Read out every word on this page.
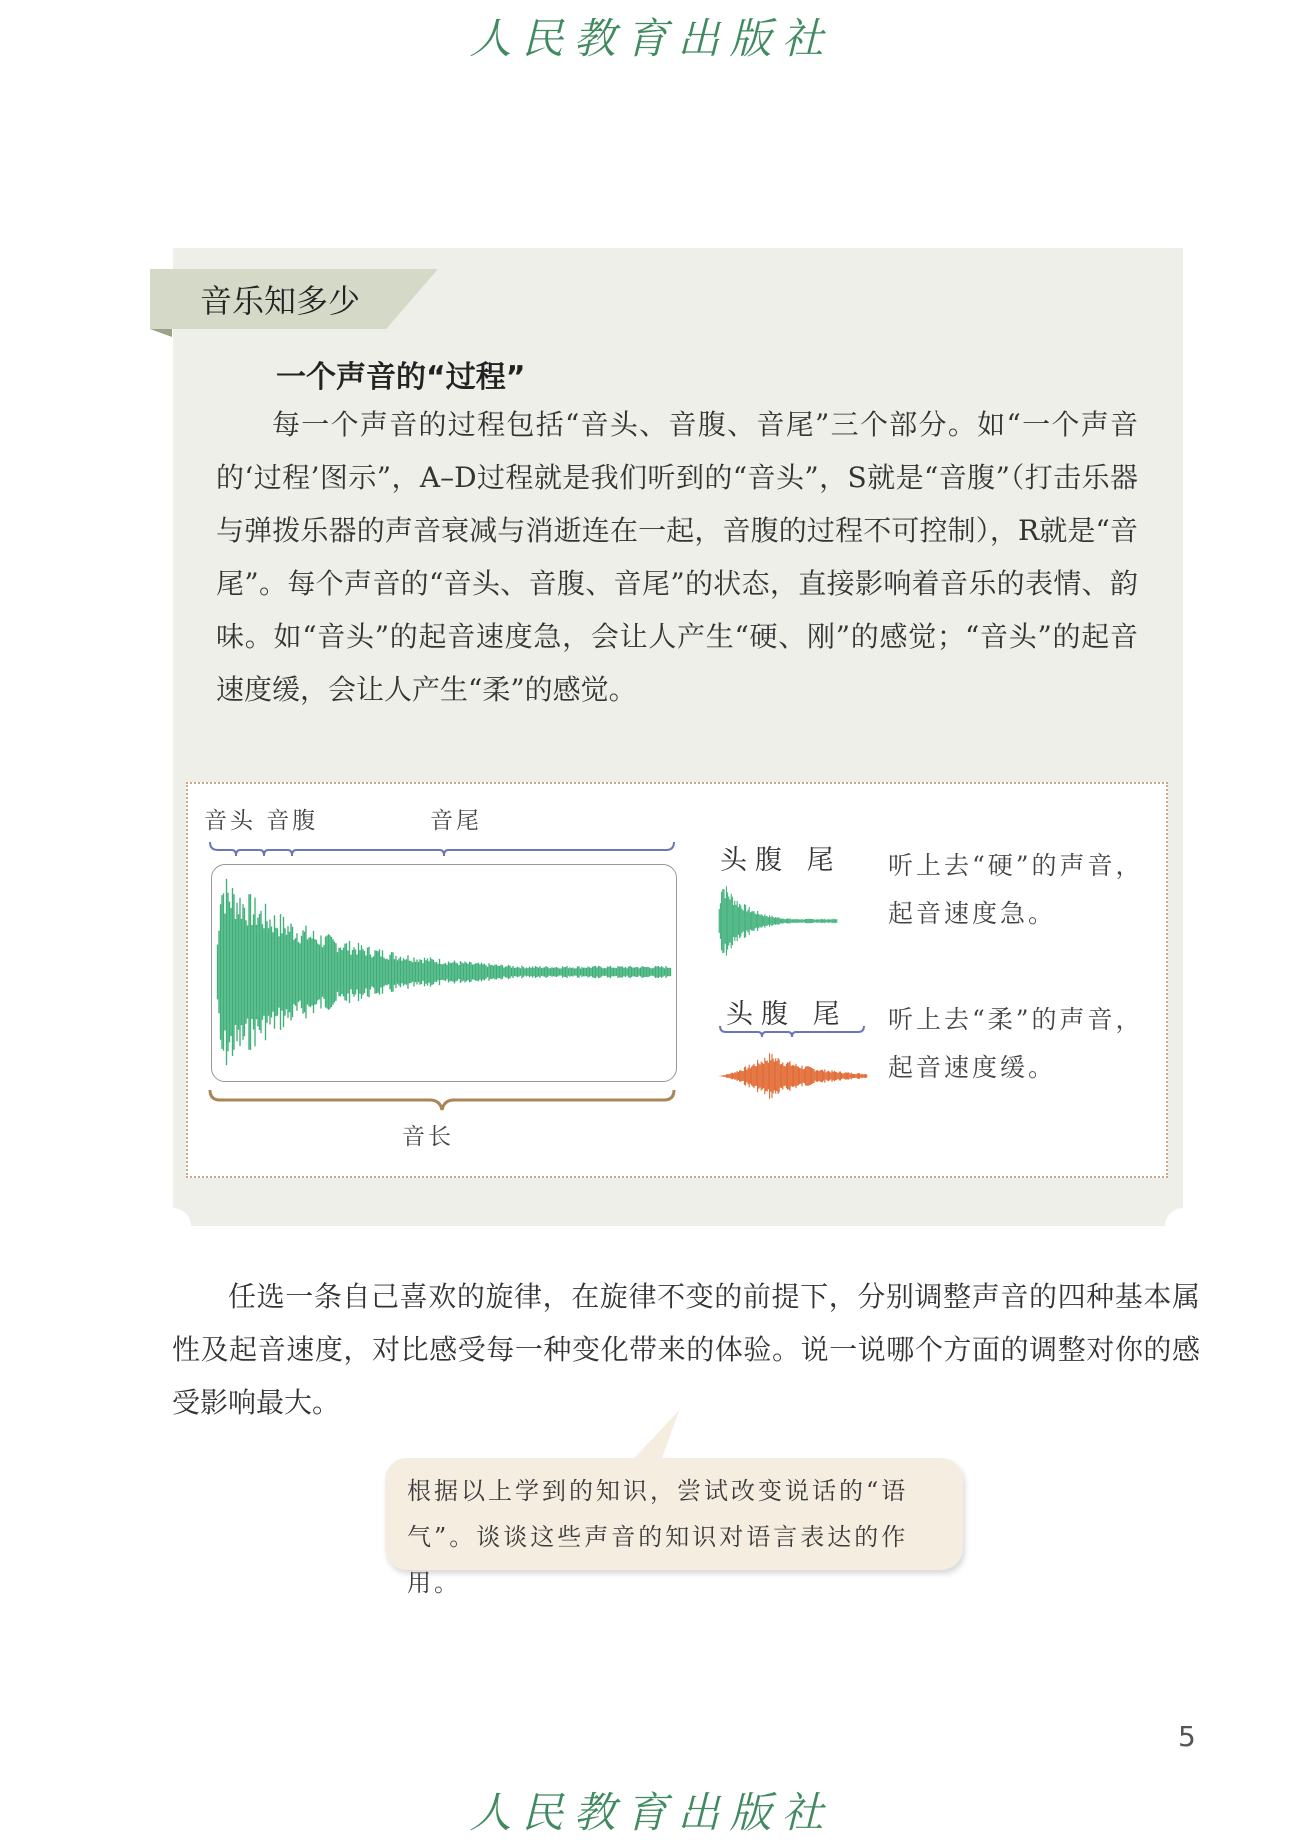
人民教育出版社
音乐知多少
一个声音的“过程”
每一个声音的过程包括“音头、音腹、音尾”三个部分。如“一个声音的‘过程’图示”，A–D过程就是我们听到的“音头”，S就是“音腹”（打击乐器与弹拨乐器的声音衰减与消逝连在一起，音腹的过程不可控制），R就是“音尾”。每个声音的“音头、音腹、音尾”的状态，直接影响着音乐的表情、韵味。如“音头”的起音速度急，会让人产生“硬、刚”的感觉；“音头”的起音速度缓，会让人产生“柔”的感觉。
音头 音腹	音尾
音长
头腹 尾 听上去“硬”的声音，
起音速度急。
头腹 尾 听上去“柔”的声音，
起音速度缓。
任选一条自己喜欢的旋律，在旋律不变的前提下，分别调整声音的四种基本属性及起音速度，对比感受每一种变化带来的体验。说一说哪个方面的调整对你的感受影响最大。
根据以上学到的知识，尝试改变说话的“语气”。谈谈这些声音的知识对语言表达的作用。
5
人民教育出版社
